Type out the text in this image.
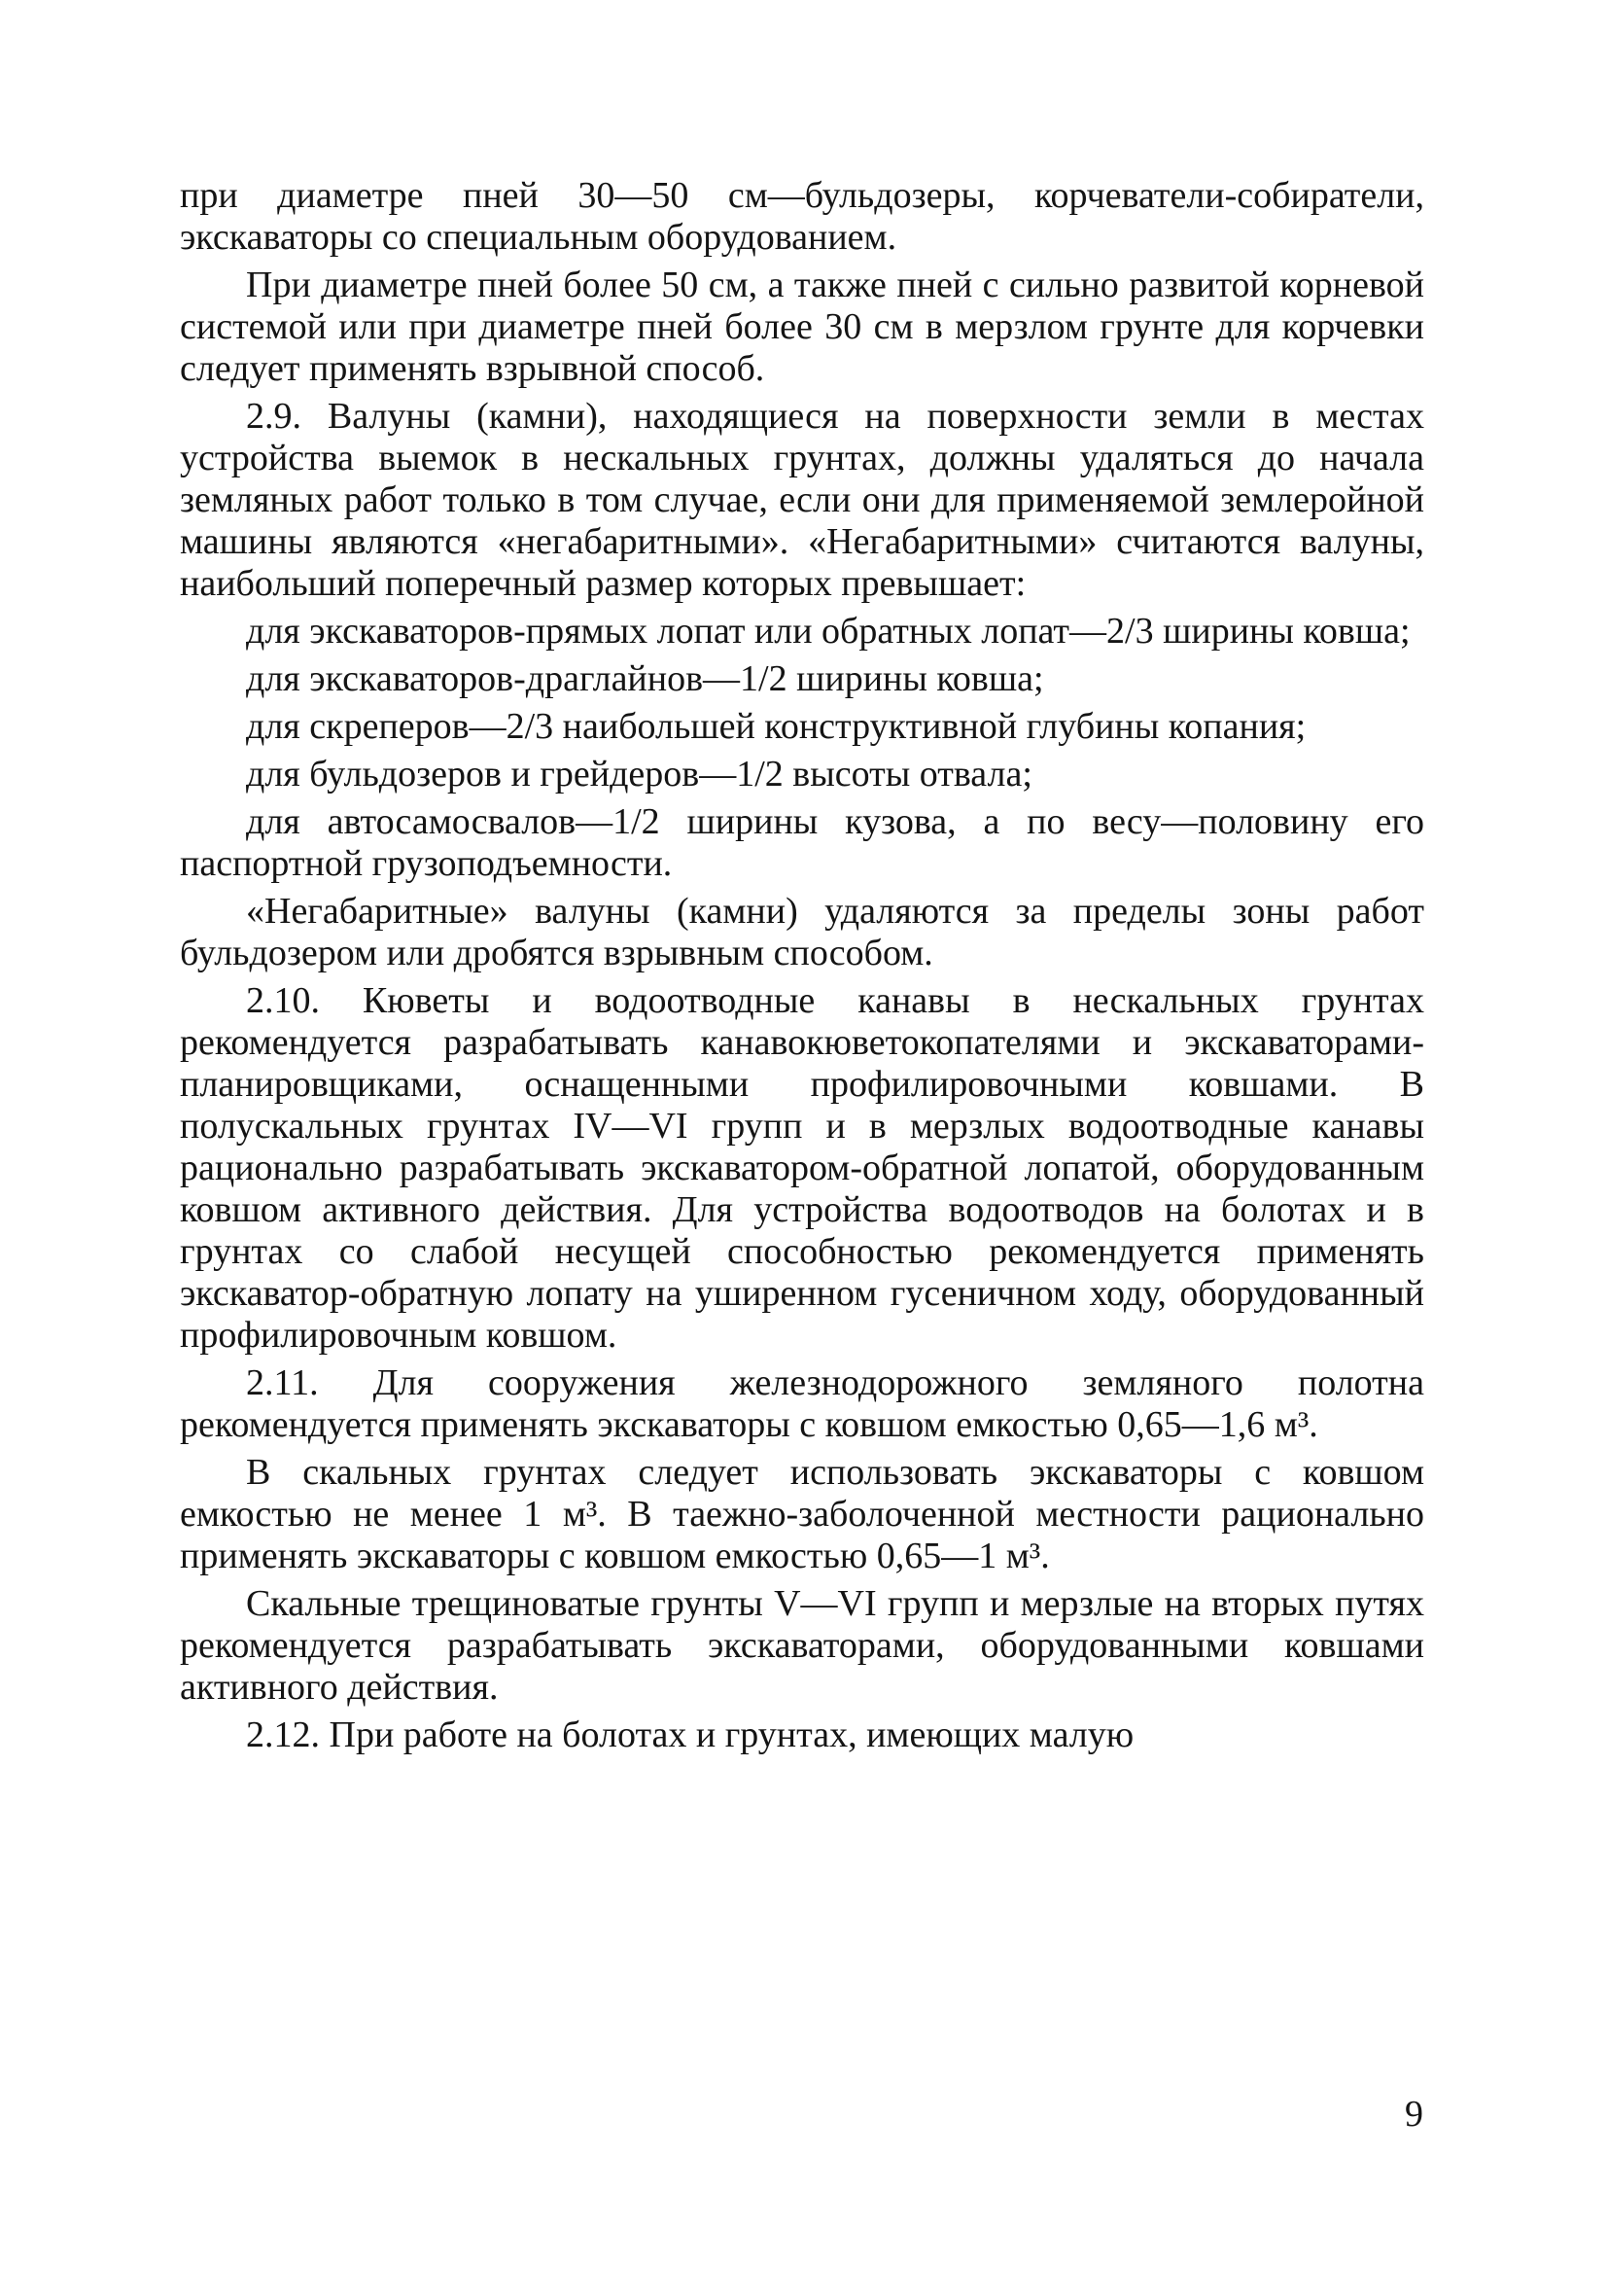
при диаметре пней 30—50 см—бульдозеры, корчеватели-собиратели, экскаваторы со специальным оборудованием.

При диаметре пней более 50 см, а также пней с сильно развитой корневой системой или при диаметре пней более 30 см в мерзлом грунте для корчевки следует применять взрывной способ.

2.9. Валуны (камни), находящиеся на поверхности земли в местах устройства выемок в нескальных грунтах, должны удаляться до начала земляных работ только в том случае, если они для применяемой землеройной машины являются «негабаритными». «Негабаритными» считаются валуны, наибольший поперечный размер которых превышает:

для экскаваторов-прямых лопат или обратных лопат—2/3 ширины ковша;

для экскаваторов-драглайнов—1/2 ширины ковша;

для скреперов—2/3 наибольшей конструктивной глубины копания;

для бульдозеров и грейдеров—1/2 высоты отвала;

для автосамосвалов—1/2 ширины кузова, а по весу—половину его паспортной грузоподъемности.

«Негабаритные» валуны (камни) удаляются за пределы зоны работ бульдозером или дробятся взрывным способом.

2.10. Кюветы и водоотводные канавы в нескальных грунтах рекомендуется разрабатывать канавокюветокопателями и экскаваторами-планировщиками, оснащенными профилировочными ковшами. В полускальных грунтах IV—VI групп и в мерзлых водоотводные канавы рационально разрабатывать экскаватором-обратной лопатой, оборудованным ковшом активного действия. Для устройства водоотводов на болотах и в грунтах со слабой несущей способностью рекомендуется применять экскаватор-обратную лопату на уширенном гусеничном ходу, оборудованный профилировочным ковшом.

2.11. Для сооружения железнодорожного земляного полотна рекомендуется применять экскаваторы с ковшом емкостью 0,65—1,6 м³.

В скальных грунтах следует использовать экскаваторы с ковшом емкостью не менее 1 м³. В таежно-заболоченной местности рационально применять экскаваторы с ковшом емкостью 0,65—1 м³.

Скальные трещиноватые грунты V—VI групп и мерзлые на вторых путях рекомендуется разрабатывать экскаваторами, оборудованными ковшами активного действия.

2.12. При работе на болотах и грунтах, имеющих малую

9
